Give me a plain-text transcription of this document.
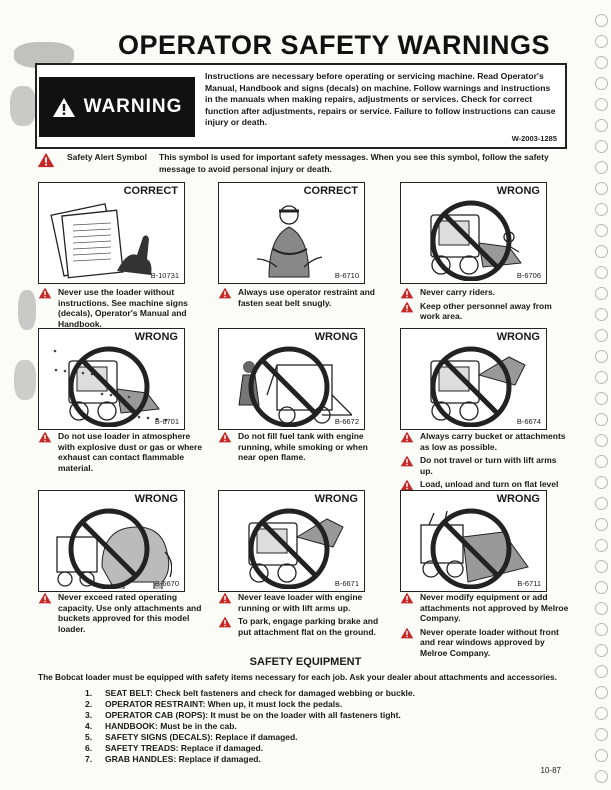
OPERATOR SAFETY WARNINGS
WARNING
Instructions are necessary before operating or servicing machine. Read Operator's Manual, Handbook and signs (decals) on machine. Follow warnings and instructions in the manuals when making repairs, adjustments or services. Check for correct function after adjustments, repairs or service. Failure to follow instructions can cause injury or death.
W-2003-1285
Safety Alert Symbol This symbol is used for important safety messages. When you see this symbol, follow the safety message to avoid personal injury or death.
CORRECT
B-10731
Never use the loader without instructions. See machine signs (decals), Operator's Manual and Handbook.
CORRECT
B-6710
Always use operator restraint and fasten seat belt snugly.
WRONG
B-6706
Never carry riders.
Keep other personnel away from work area.
WRONG
B-6701
Do not use loader in atmosphere with explosive dust or gas or where exhaust can contact flammable material.
WRONG
B-6672
Do not fill fuel tank with engine running, while smoking or when near open flame.
WRONG
B-6674
Always carry bucket or attachments as low as possible.
Do not travel or turn with lift arms up.
Load, unload and turn on flat level
WRONG
B-6670
Never exceed rated operating capacity. Use only attachments and buckets approved for this model loader.
WRONG
B-6671
Never leave loader with engine running or with lift arms up.
To park, engage parking brake and put attachment flat on the ground.
WRONG
B-6711
Never modify equipment or add attachments not approved by Melroe Company.
Never operate loader without front and rear windows approved by Melroe Company.
SAFETY EQUIPMENT
The Bobcat loader must be equipped with safety items necessary for each job. Ask your dealer about attachments and accessories.
1. SEAT BELT: Check belt fasteners and check for damaged webbing or buckle.
2. OPERATOR RESTRAINT: When up, it must lock the pedals.
3. OPERATOR CAB (ROPS): It must be on the loader with all fasteners tight.
4. HANDBOOK: Must be in the cab.
5. SAFETY SIGNS (DECALS): Replace if damaged.
6. SAFETY TREADS: Replace if damaged.
7. GRAB HANDLES: Replace if damaged.
10-87
